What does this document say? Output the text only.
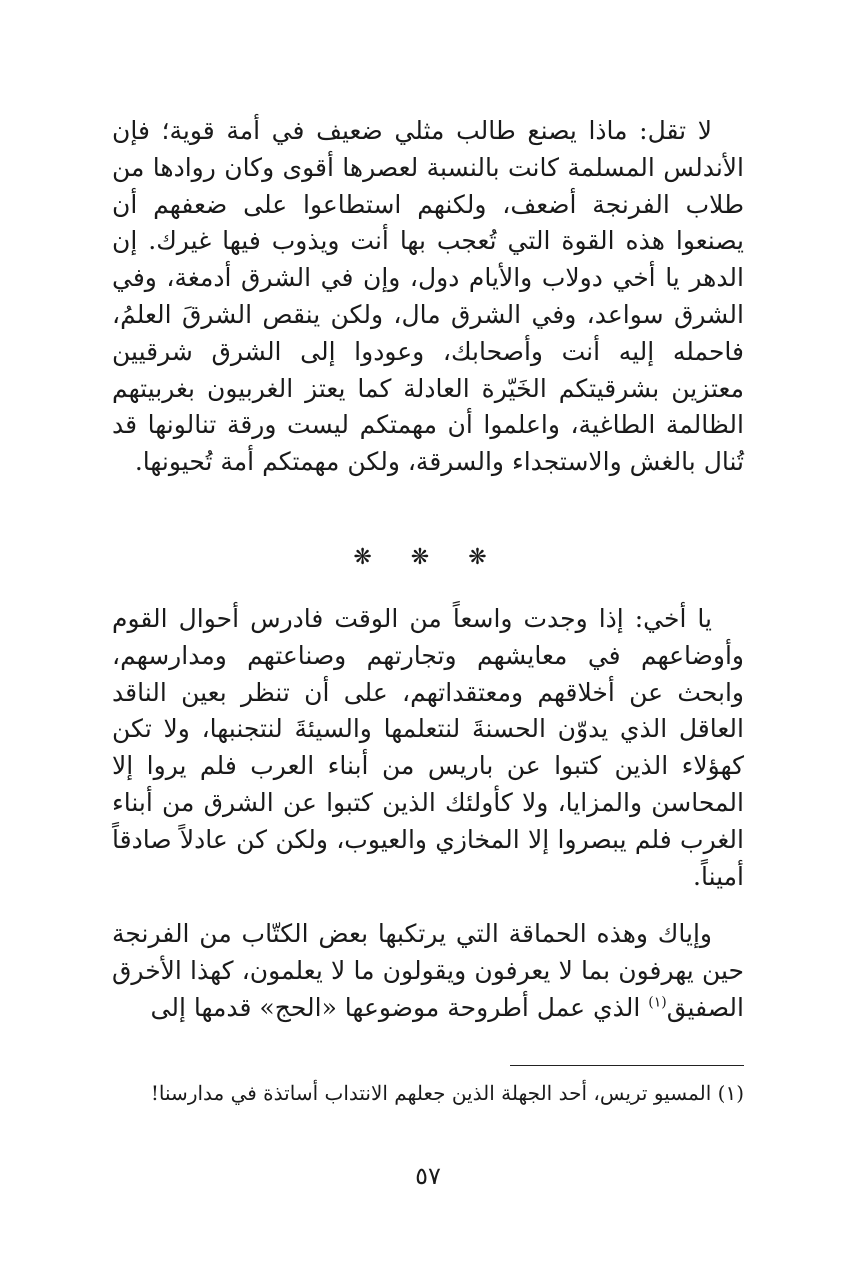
لا تقل: ماذا يصنع طالب مثلي ضعيف في أمة قوية؛ فإن الأندلس المسلمة كانت بالنسبة لعصرها أقوى وكان روادها من طلاب الفرنجة أضعف، ولكنهم استطاعوا على ضعفهم أن يصنعوا هذه القوة التي تُعجب بها أنت ويذوب فيها غيرك. إن الدهر يا أخي دولاب والأيام دول، وإن في الشرق أدمغة، وفي الشرق سواعد، وفي الشرق مال، ولكن ينقص الشرقَ العلمُ، فاحمله إليه أنت وأصحابك، وعودوا إلى الشرق شرقيين معتزين بشرقيتكم الخَيّرة العادلة كما يعتز الغربيون بغربيتهم الظالمة الطاغية، واعلموا أن مهمتكم ليست ورقة تنالونها قد تُنال بالغش والاستجداء والسرقة، ولكن مهمتكم أمة تُحيونها.

❋ ❋ ❋

يا أخي: إذا وجدت واسعاً من الوقت فادرس أحوال القوم وأوضاعهم في معايشهم وتجارتهم وصناعتهم ومدارسهم، وابحث عن أخلاقهم ومعتقداتهم، على أن تنظر بعين الناقد العاقل الذي يدوّن الحسنةَ لنتعلمها والسيئةَ لنتجنبها، ولا تكن كهؤلاء الذين كتبوا عن باريس من أبناء العرب فلم يروا إلا المحاسن والمزايا، ولا كأولئك الذين كتبوا عن الشرق من أبناء الغرب فلم يبصروا إلا المخازي والعيوب، ولكن كن عادلاً صادقاً أميناً.

وإياك وهذه الحماقة التي يرتكبها بعض الكتّاب من الفرنجة حين يهرفون بما لا يعرفون ويقولون ما لا يعلمون، كهذا الأخرق الصفيق$^{(١)}$ الذي عمل أطروحة موضوعها «الحج» قدمها إلى

(١) المسيو تريس، أحد الجهلة الذين جعلهم الانتداب أساتذة في مدارسنا!
٥٧
